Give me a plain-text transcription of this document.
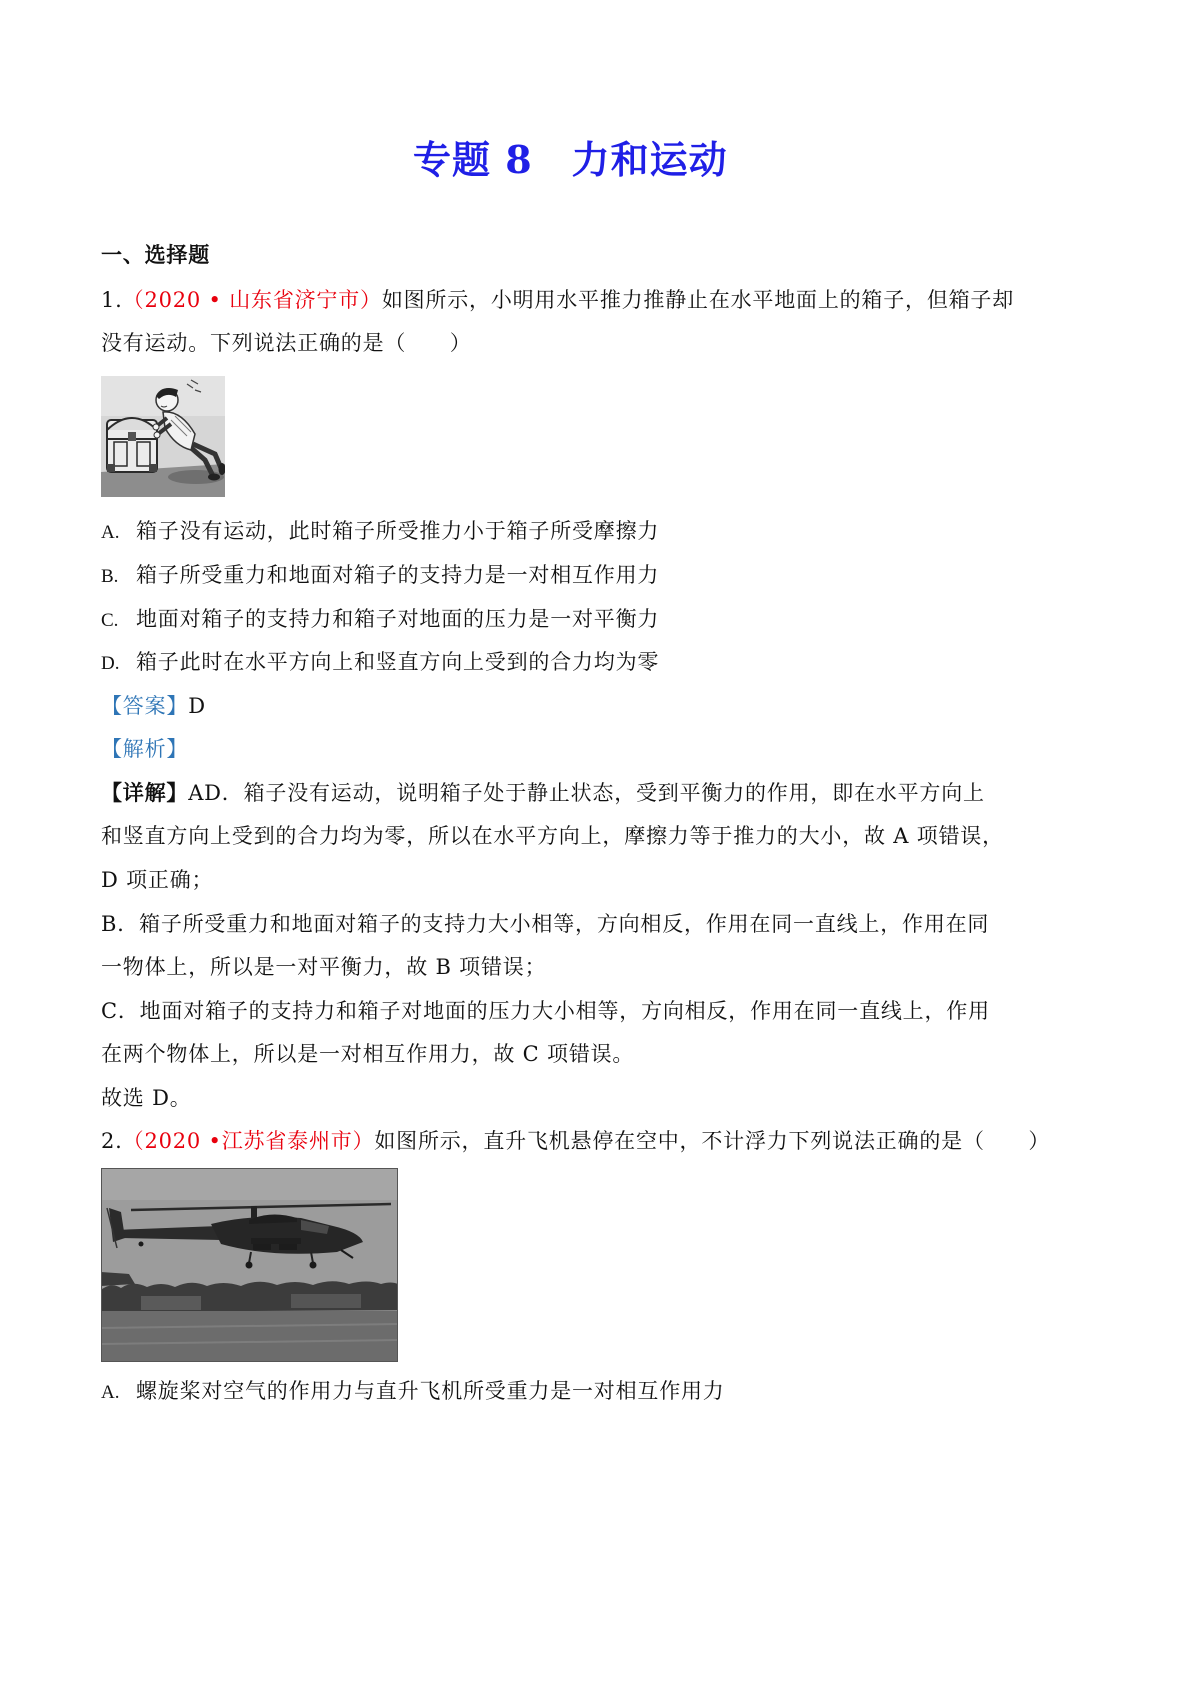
专题 8　力和运动
一、选择题
1.（2020 • 山东省济宁市）如图所示，小明用水平推力推静止在水平地面上的箱子，但箱子却
没有运动。下列说法正确的是（　　）
A. 箱子没有运动，此时箱子所受推力小于箱子所受摩擦力
B. 箱子所受重力和地面对箱子的支持力是一对相互作用力
C. 地面对箱子的支持力和箱子对地面的压力是一对平衡力
D. 箱子此时在水平方向上和竖直方向上受到的合力均为零
【答案】D
【解析】
【详解】AD．箱子没有运动，说明箱子处于静止状态，受到平衡力的作用，即在水平方向上
和竖直方向上受到的合力均为零，所以在水平方向上，摩擦力等于推力的大小，故 A 项错误，
D 项正确；
B．箱子所受重力和地面对箱子的支持力大小相等，方向相反，作用在同一直线上，作用在同
一物体上，所以是一对平衡力，故 B 项错误；
C．地面对箱子的支持力和箱子对地面的压力大小相等，方向相反，作用在同一直线上，作用
在两个物体上，所以是一对相互作用力，故 C 项错误。
故选 D。
2.（2020 •江苏省泰州市）如图所示，直升飞机悬停在空中，不计浮力下列说法正确的是（　　）
A. 螺旋桨对空气的作用力与直升飞机所受重力是一对相互作用力
